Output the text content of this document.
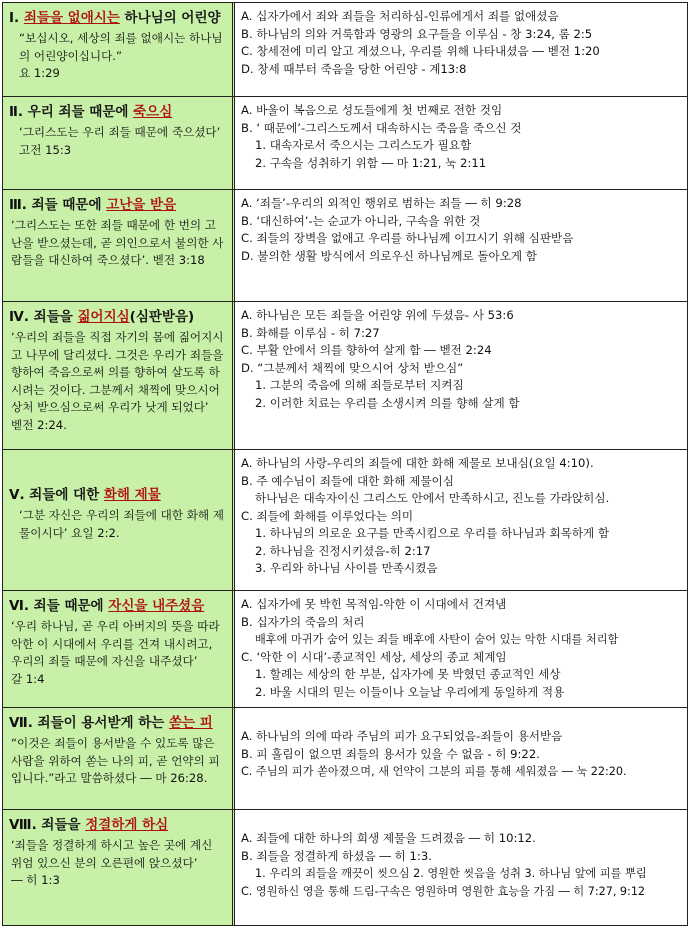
Ⅰ. 죄들을 없애시는 하나님의 어린양
“보십시오, 세상의 죄를 없애시는 하나님의 어린양이십니다.”
요 1:29
A. 십자가에서 죄와 죄들을 처리하심-인류에게서 죄를 없애셨음
B. 하나님의 의와 거룩함과 영광의 요구들을 이루심 - 창 3:24, 롬 2:5
C. 창세전에 미리 알고 계셨으나, 우리를 위해 나타내셨음 ― 벧전 1:20
D. 창세 때부터 죽음을 당한 어린양 - 계13:8
Ⅱ. 우리 죄들 때문에 죽으심
‘그리스도는 우리 죄들 때문에 죽으셨다’ 고전 15:3
A. 바울이 복음으로 성도들에게 첫 번째로 전한 것임
B. ‘ 때문에’-그리스도께서 대속하시는 죽음을 죽으신 것
1. 대속자로서 죽으시는 그리스도가 필요함
2. 구속을 성취하기 위함 ― 마 1:21, 눅 2:11
Ⅲ. 죄들 때문에 고난을 받음
‘그리스도는 또한 죄들 때문에 한 번의 고난을 받으셨는데, 곧 의인으로서 불의한 사람들을 대신하여 죽으셨다’. 벧전 3:18
A. ‘죄들’-우리의 외적인 행위로 범하는 죄들 ― 히 9:28
B. ‘대신하여’-는 순교가 아니라, 구속을 위한 것
C. 죄들의 장벽을 없애고 우리를 하나님께 이끄시기 위해 심판받음
D. 불의한 생활 방식에서 의로우신 하나님께로 돌아오게 함
Ⅳ. 죄들을 짊어지심(심판받음)
‘우리의 죄들을 직접 자기의 몸에 짊어지시고 나무에 달리셨다. 그것은 우리가 죄들을 향하여 죽음으로써 의를 향하여 살도록 하시려는 것이다. 그분께서 채찍에 맞으시어 상처 받으심으로써 우리가 낫게 되었다’ 벧전 2:24.
A. 하나님은 모든 죄들을 어린양 위에 두셨음- 사 53:6
B. 화해를 이루심 - 히 7:27
C. 부활 안에서 의를 향하여 살게 함 ― 벧전 2:24
D. “그분께서 채찍에 맞으시어 상처 받으심”
1. 그분의 죽음에 의해 죄들로부터 지켜짐
2. 이러한 치료는 우리를 소생시켜 의를 향해 살게 함
Ⅴ. 죄들에 대한 화해 제물
‘그분 자신은 우리의 죄들에 대한 화해 제물이시다’ 요일 2:2.
A. 하나님의 사랑-우리의 죄들에 대한 화해 제물로 보내심(요일 4:10).
B. 주 예수님이 죄들에 대한 화해 제물이심
하나님은 대속자이신 그리스도 안에서 만족하시고, 진노를 가라앉히심.
C. 죄들에 화해를 이루었다는 의미
1. 하나님의 의로운 요구를 만족시킴으로 우리를 하나님과 회목하게 함
2. 하나님을 진정시키셨음-히 2:17
3. 우리와 하나님 사이를 만족시켰음
Ⅵ. 죄들 때문에 자신을 내주셨음
‘우리 하나님, 곧 우리 아버지의 뜻을 따라 악한 이 시대에서 우리를 건져 내시려고, 우리의 죄들 때문에 자신을 내주셨다’ 갈 1:4
A. 십자가에 못 박힌 목적임-악한 이 시대에서 건져냄
B. 십자가의 죽음의 처리
배후에 마귀가 숨어 있는 죄들 배후에 사탄이 숨어 있는 악한 시대를 처리함
C. ‘악한 이 시대’-종교적인 세상, 세상의 종교 체계임
1. 할례는 세상의 한 부분, 십자가에 못 박혔던 종교적인 세상
2. 바울 시대의 믿는 이들이나 오늘날 우리에게 동일하게 적용
Ⅶ. 죄들이 용서받게 하는 쏟는 피
“이것은 죄들이 용서받을 수 있도록 많은 사람을 위하여 쏟는 나의 피, 곧 언약의 피입니다.”라고 말씀하셨다 ― 마 26:28.
A. 하나님의 의에 따라 주님의 피가 요구되었음-죄들이 용서받음
B. 피 흘림이 없으면 죄들의 용서가 있을 수 없음 - 히 9:22.
C. 주님의 피가 쏟아졌으며, 새 언약이 그분의 피를 통해 세워졌음 ― 눅 22:20.
Ⅷ. 죄들을 정결하게 하심
‘죄들을 정결하게 하시고 높은 곳에 계신 위엄 있으신 분의 오른편에 앉으셨다’ ― 히 1:3
A. 죄들에 대한 하나의 희생 제물을 드려졌음 ― 히 10:12.
B. 죄들을 정결하게 하셨음 ― 히 1:3.
1. 우리의 죄들을 깨끗이 씻으심 2. 영원한 씻음을 성취 3. 하나님 앞에 피를 뿌림
C. 영원하신 영을 통해 드림-구속은 영원하며 영원한 효능을 가짐 ― 히 7:27, 9:12
